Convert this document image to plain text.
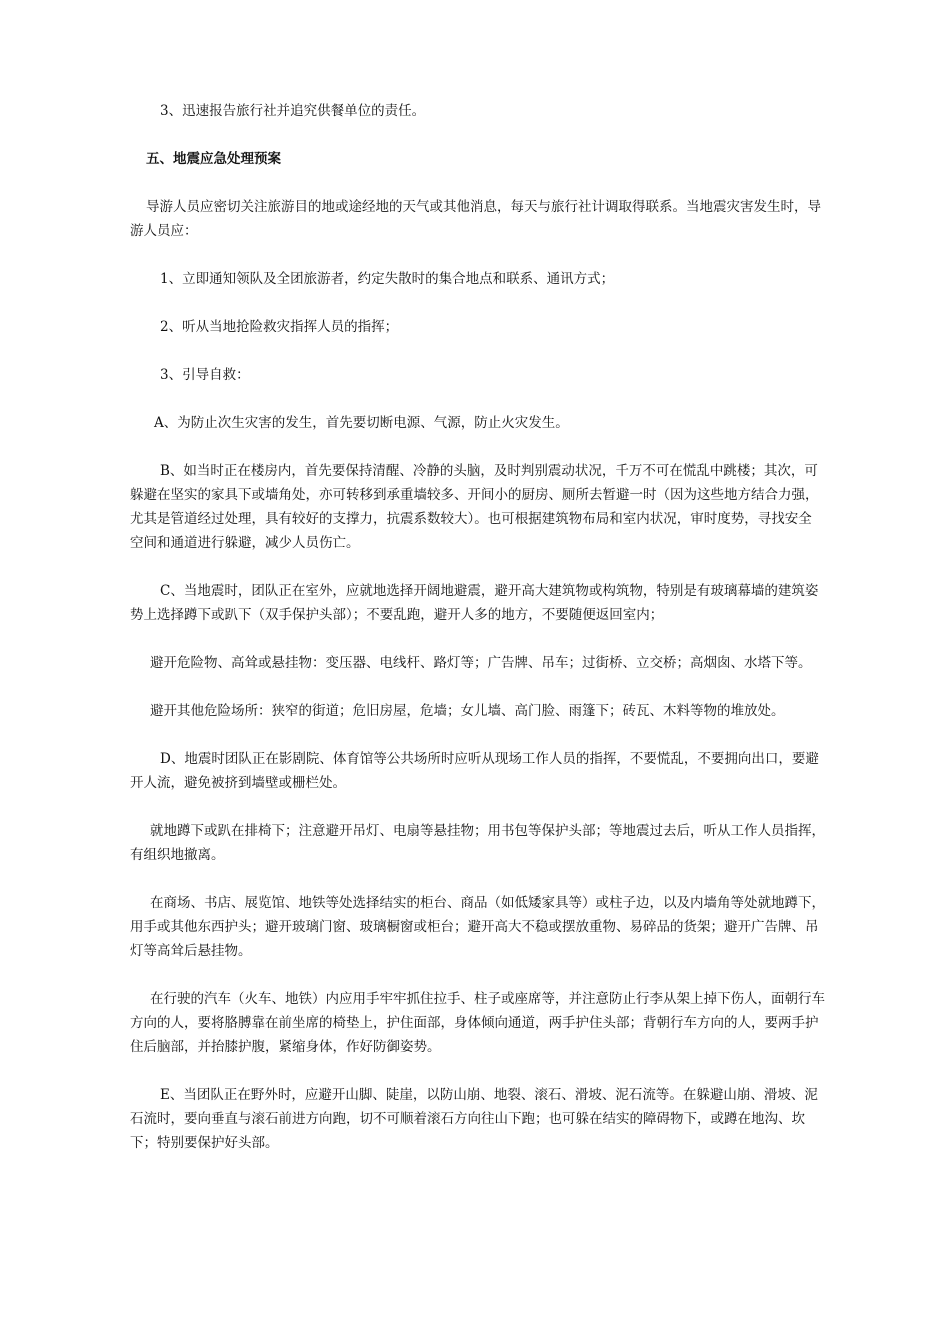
3、迅速报告旅行社并追究供餐单位的责任。

五、地震应急处理预案

导游人员应密切关注旅游目的地或途经地的天气或其他消息，每天与旅行社计调取得联系。当地震灾害发生时，导游人员应：

1、立即通知领队及全团旅游者，约定失散时的集合地点和联系、通讯方式；

2、听从当地抢险救灾指挥人员的指挥；

3、引导自救：

A、为防止次生灾害的发生，首先要切断电源、气源，防止火灾发生。

B、如当时正在楼房内，首先要保持清醒、冷静的头脑，及时判别震动状况，千万不可在慌乱中跳楼；其次，可躲避在坚实的家具下或墙角处，亦可转移到承重墙较多、开间小的厨房、厕所去暂避一时（因为这些地方结合力强，尤其是管道经过处理，具有较好的支撑力，抗震系数较大）。也可根据建筑物布局和室内状况，审时度势，寻找安全空间和通道进行躲避，减少人员伤亡。

C、当地震时，团队正在室外，应就地选择开阔地避震，避开高大建筑物或构筑物，特别是有玻璃幕墙的建筑姿势上选择蹲下或趴下（双手保护头部）；不要乱跑，避开人多的地方，不要随便返回室内；

避开危险物、高耸或悬挂物：变压器、电线杆、路灯等；广告牌、吊车；过街桥、立交桥；高烟囱、水塔下等。

避开其他危险场所：狭窄的街道；危旧房屋，危墙；女儿墙、高门脸、雨篷下；砖瓦、木料等物的堆放处。

D、地震时团队正在影剧院、体育馆等公共场所时应听从现场工作人员的指挥，不要慌乱，不要拥向出口，要避开人流，避免被挤到墙壁或栅栏处。

就地蹲下或趴在排椅下；注意避开吊灯、电扇等悬挂物；用书包等保护头部；等地震过去后，听从工作人员指挥，有组织地撤离。

在商场、书店、展览馆、地铁等处选择结实的柜台、商品（如低矮家具等）或柱子边，以及内墙角等处就地蹲下，用手或其他东西护头；避开玻璃门窗、玻璃橱窗或柜台；避开高大不稳或摆放重物、易碎品的货架；避开广告牌、吊灯等高耸后悬挂物。

在行驶的汽车（火车、地铁）内应用手牢牢抓住拉手、柱子或座席等，并注意防止行李从架上掉下伤人，面朝行车方向的人，要将胳膊靠在前坐席的椅垫上，护住面部，身体倾向通道，两手护住头部；背朝行车方向的人，要两手护住后脑部，并抬膝护腹，紧缩身体，作好防御姿势。

E、当团队正在野外时，应避开山脚、陡崖，以防山崩、地裂、滚石、滑坡、泥石流等。在躲避山崩、滑坡、泥石流时，要向垂直与滚石前进方向跑，切不可顺着滚石方向往山下跑；也可躲在结实的障碍物下，或蹲在地沟、坎下；特别要保护好头部。
